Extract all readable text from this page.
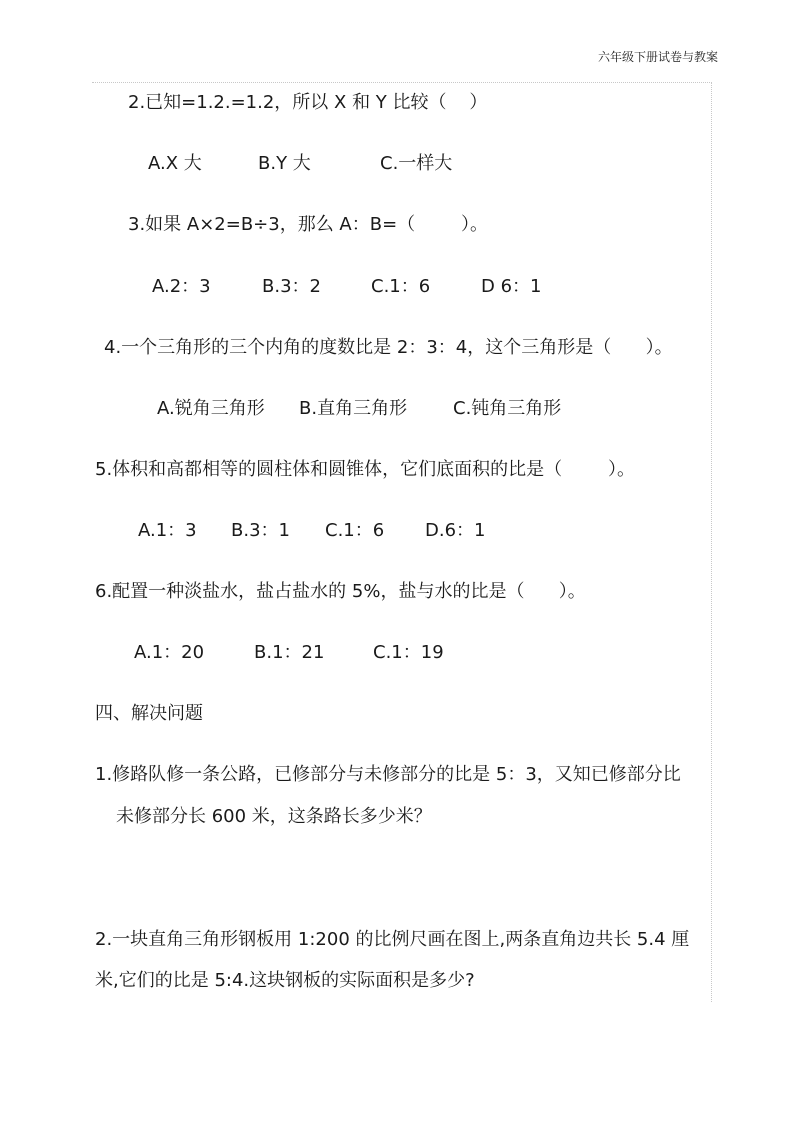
六年级下册试卷与教案
2.已知=1.2.=1.2，所以 X 和 Y 比较（    ）
A.X 大	B.Y 大	C.一样大
3.如果 A×2=B÷3，那么 A：B=（        ）。
A.2：3	B.3：2	C.1：6	D 6：1
4.一个三角形的三个内角的度数比是 2：3：4，这个三角形是（      ）。
A.锐角三角形 B.直角三角形	C.钝角三角形
5.体积和高都相等的圆柱体和圆锥体，它们底面积的比是（        ）。
A.1：3 B.3：1 C.1：6 D.6：1
6.配置一种淡盐水，盐占盐水的 5%，盐与水的比是（      ）。
A.1：20	B.1：21	C.1：19
四、解决问题
1.修路队修一条公路，已修部分与未修部分的比是 5：3，又知已修部分比
未修部分长 600 米，这条路长多少米？
2.一块直角三角形钢板用 1:200 的比例尺画在图上,两条直角边共长 5.4 厘
米,它们的比是 5:4.这块钢板的实际面积是多少?
